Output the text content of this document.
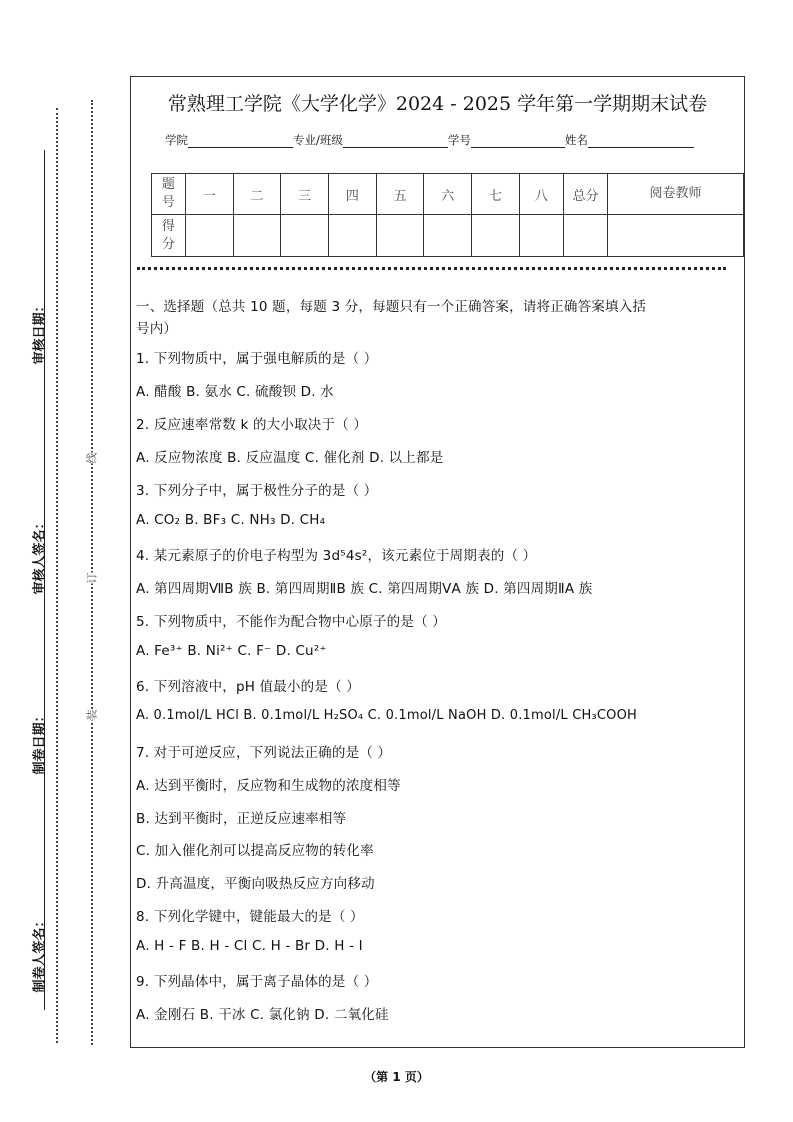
审核日期：
审核人签名：
制卷日期：
制卷人签名：
线
订
装
常熟理工学院《大学化学》2024 - 2025 学年第一学期期末试卷
学院	专业/班级	学号	姓名
题号	一	二	三	四	五	六	七	八	总分	阅卷教师
得分										
一、选择题（总共 10 题，每题 3 分，每题只有一个正确答案，请将正确答案填入括
号内）
1. 下列物质中，属于强电解质的是（ ）
A. 醋酸 B. 氨水 C. 硫酸钡 D. 水
2. 反应速率常数 k 的大小取决于（ ）
A. 反应物浓度 B. 反应温度 C. 催化剂 D. 以上都是
3. 下列分子中，属于极性分子的是（ ）
A. CO₂ B. BF₃ C. NH₃ D. CH₄
4. 某元素原子的价电子构型为 3d⁵4s²，该元素位于周期表的（ ）
A. 第四周期ⅦB 族 B. 第四周期ⅡB 族 C. 第四周期ⅤA 族 D. 第四周期ⅡA 族
5. 下列物质中，不能作为配合物中心原子的是（ ）
A. Fe³⁺ B. Ni²⁺ C. F⁻ D. Cu²⁺
6. 下列溶液中，pH 值最小的是（ ）
A. 0.1mol/L HCl B. 0.1mol/L H₂SO₄ C. 0.1mol/L NaOH D. 0.1mol/L CH₃COOH
7. 对于可逆反应，下列说法正确的是（ ）
A. 达到平衡时，反应物和生成物的浓度相等
B. 达到平衡时，正逆反应速率相等
C. 加入催化剂可以提高反应物的转化率
D. 升高温度，平衡向吸热反应方向移动
8. 下列化学键中，键能最大的是（ ）
A. H - F B. H - Cl C. H - Br D. H - I
9. 下列晶体中，属于离子晶体的是（ ）
A. 金刚石 B. 干冰 C. 氯化钠 D. 二氧化硅
（第 1 页）
